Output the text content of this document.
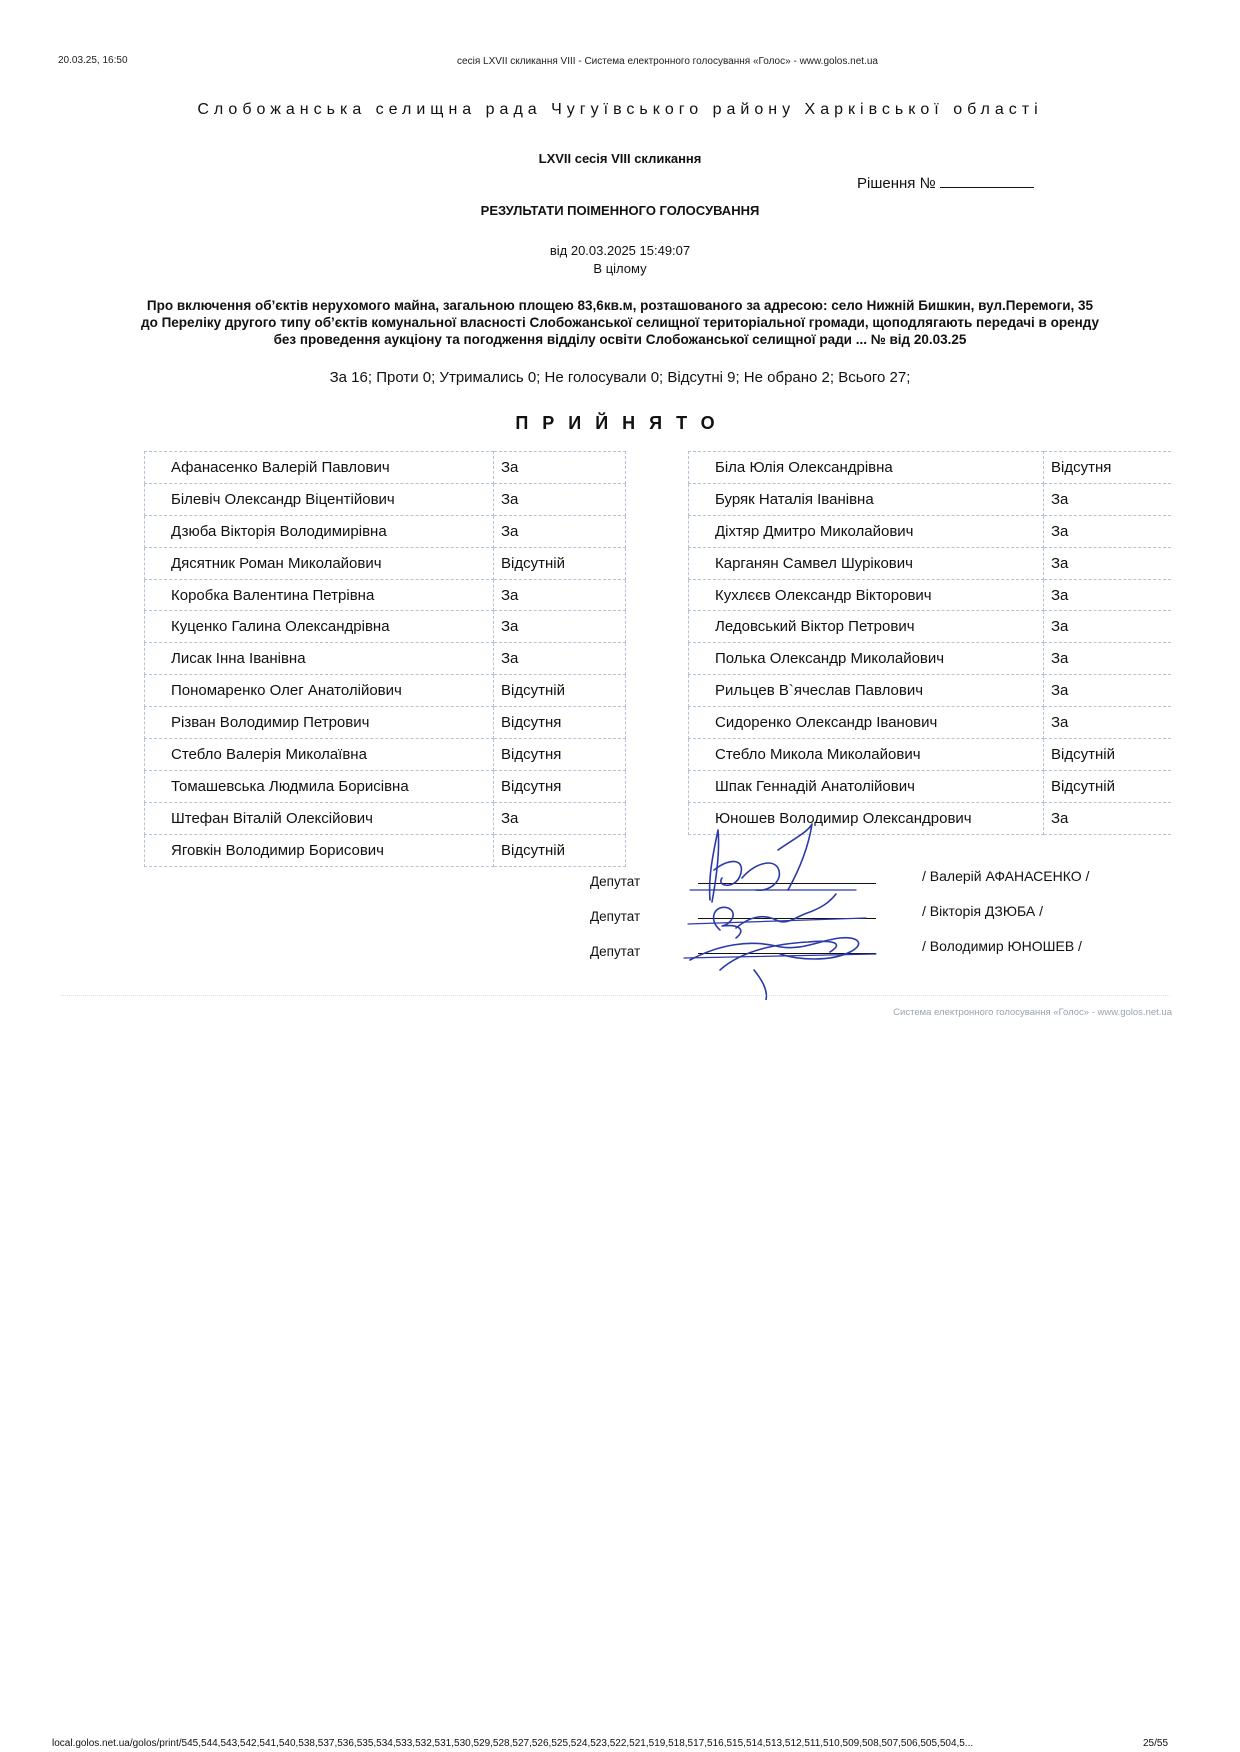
20.03.25, 16:50	сесія LXVII скликання VIII - Система електронного голосування «Голос» - www.golos.net.ua
Слобожанська селищна рада Чугуївського району Харківської області
LXVII сесія VIII скликання
Рішення №
РЕЗУЛЬТАТИ ПОІМЕННОГО ГОЛОСУВАННЯ
від 20.03.2025 15:49:07
В цілому
Про включення об’єктів нерухомого майна, загальною площею 83,6кв.м, розташованого за адресою: село Нижній Бишкин, вул.Перемоги, 35
до Переліку другого типу об’єктів комунальної власності Слобожанської селищної територіальної громади, щоподлягають передачі в оренду
без проведення аукціону та погодження відділу освіти Слобожанської селищної ради ... № від 20.03.25
За 16; Проти 0; Утримались 0; Не голосували 0; Відсутні 9; Не обрано 2; Всього 27;
ПРИЙНЯТО
Афанасенко Валерій Павлович	За
Білевіч Олександр Віцентійович	За
Дзюба Вікторія Володимирівна	За
Дясятник Роман Миколайович	Відсутній
Коробка Валентина Петрівна	За
Куценко Галина Олександрівна	За
Лисак Інна Іванівна	За
Пономаренко Олег Анатолійович	Відсутній
Різван Володимир Петрович	Відсутня
Стебло Валерія Миколаївна	Відсутня
Томашевська Людмила Борисівна	Відсутня
Штефан Віталій Олексійович	За
Яговкін Володимир Борисович	Відсутній
Біла Юлія Олександрівна	Відсутня
Буряк Наталія Іванівна	За
Діхтяр Дмитро Миколайович	За
Карганян Самвел Шурікович	За
Кухлєєв Олександр Вікторович	За
Ледовський Віктор Петрович	За
Полька Олександр Миколайович	За
Рильцев В`ячеслав Павлович	За
Сидоренко Олександр Іванович	За
Стебло Микола Миколайович	Відсутній
Шпак Геннадій Анатолійович	Відсутній
Юношев Володимир Олександрович	За
Депутат	/ Валерій АФАНАСЕНКО /
Депутат	/ Вікторія ДЗЮБА /
Депутат	/ Володимир ЮНОШЕВ /
Система електронного голосування «Голос» - www.golos.net.ua
local.golos.net.ua/golos/print/545,544,543,542,541,540,538,537,536,535,534,533,532,531,530,529,528,527,526,525,524,523,522,521,519,518,517,516,515,514,513,512,511,510,509,508,507,506,505,504,5...	25/55
